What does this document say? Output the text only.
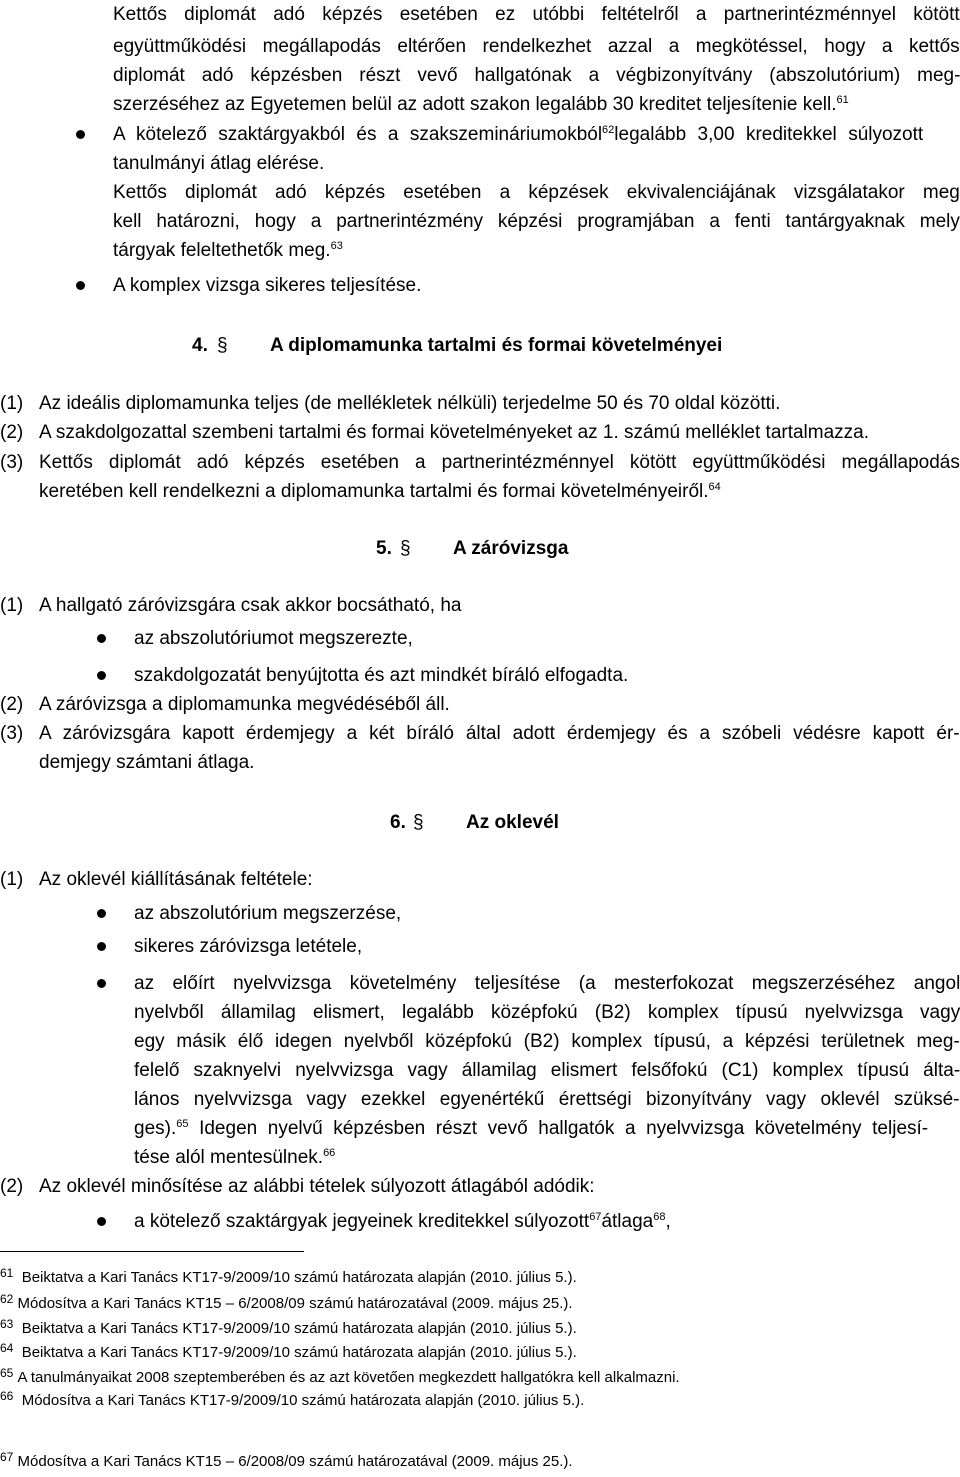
Kettős diplomát adó képzés esetében ez utóbbi feltételről a partnerintézménnyel kötött
együttműködési megállapodás eltérően rendelkezhet azzal a megkötéssel, hogy a kettős
diplomát adó képzésben részt vevő hallgatónak a végbizonyítvány (abszolutórium) meg-
szerzéséhez az Egyetemen belül az adott szakon legalább 30 kreditet teljesítenie kell.$^{61}$
A kötelező szaktárgyakból és a szakszemináriumokból$^{62}$legalább 3,00 kreditekkel súlyozott
tanulmányi átlag elérése.
Kettős diplomát adó képzés esetében a képzések ekvivalenciájának vizsgálatakor meg
kell határozni, hogy a partnerintézmény képzési programjában a fenti tantárgyaknak mely
tárgyak feleltethetők meg.$^{63}$
A komplex vizsga sikeres teljesítése.
4. § A diplomamunka tartalmi és formai követelményei
(1) Az ideális diplomamunka teljes (de mellékletek nélküli) terjedelme 50 és 70 oldal közötti.
(2) A szakdolgozattal szembeni tartalmi és formai követelményeket az 1. számú melléklet tartalmazza.
(3) Kettős diplomát adó képzés esetében a partnerintézménnyel kötött együttműködési megállapodás
keretében kell rendelkezni a diplomamunka tartalmi és formai követelményeiről.$^{64}$
5. § A záróvizsga
(1) A hallgató záróvizsgára csak akkor bocsátható, ha
az abszolutóriumot megszerezte,
szakdolgozatát benyújtotta és azt mindkét bíráló elfogadta.
(2) A záróvizsga a diplomamunka megvédéséből áll.
(3) A záróvizsgára kapott érdemjegy a két bíráló által adott érdemjegy és a szóbeli védésre kapott ér-
demjegy számtani átlaga.
6. § Az oklevél
(1) Az oklevél kiállításának feltétele:
az abszolutórium megszerzése,
sikeres záróvizsga letétele,
az előírt nyelvvizsga követelmény teljesítése (a mesterfokozat megszerzéséhez angol
nyelvből államilag elismert, legalább középfokú (B2) komplex típusú nyelvvizsga vagy
egy másik élő idegen nyelvből középfokú (B2) komplex típusú, a képzési területnek meg-
felelő szaknyelvi nyelvvizsga vagy államilag elismert felsőfokú (C1) komplex típusú álta-
lános nyelvvizsga vagy ezekkel egyenértékű érettségi bizonyítvány vagy oklevél szüksé-
ges).$^{65}$ Idegen nyelvű képzésben részt vevő hallgatók a nyelvvizsga követelmény teljesí-
tése alól mentesülnek.$^{66}$
(2) Az oklevél minősítése az alábbi tételek súlyozott átlagából adódik:
a kötelező szaktárgyak jegyeinek kreditekkel súlyozott$^{67}$átlaga$^{68}$,
$^{61}$ Beiktatva a Kari Tanács KT17-9/2009/10 számú határozata alapján (2010. július 5.).
$^{62}$ Módosítva a Kari Tanács KT15 – 6/2008/09 számú határozatával (2009. május 25.).
$^{63}$ Beiktatva a Kari Tanács KT17-9/2009/10 számú határozata alapján (2010. július 5.).
$^{64}$ Beiktatva a Kari Tanács KT17-9/2009/10 számú határozata alapján (2010. július 5.).
$^{65}$ A tanulmányaikat 2008 szeptemberében és az azt követően megkezdett hallgatókra kell alkalmazni.
$^{66}$ Módosítva a Kari Tanács KT17-9/2009/10 számú határozata alapján (2010. július 5.).
$^{67}$ Módosítva a Kari Tanács KT15 – 6/2008/09 számú határozatával (2009. május 25.).
